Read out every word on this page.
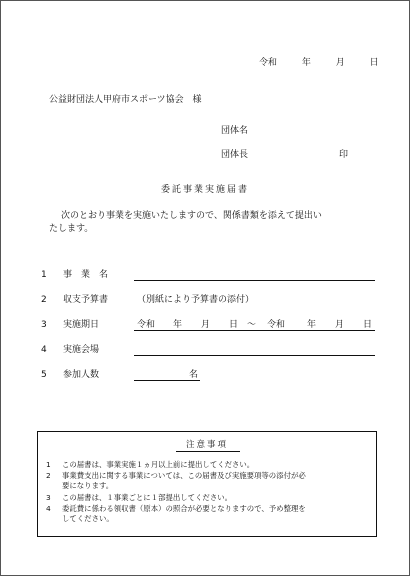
令和	年	月	日
公益財団法人甲府市スポーツ協会 様
団体名
団体長	印
委託事業実施届書
次のとおり事業を実施いたしますので、関係書類を添えて提出い
たします。
1 事　業　名
2 収支予算書	（別紙により予算書の添付）
3 実施期日	令和 年 月 日 ～ 令和 年 月 日
4 実施会場
5 参加人数	名
注意事項
1 この届書は、事業実施１ヵ月以上前に提出してください。
2 事業費支出に関する事業については、この届書及び実施要項等の添付が必
要になります。
3 この届書は、１事業ごとに１部提出してください。
4 委託費に係わる領収書（原本）の照合が必要となりますので、予め整理を
してください。
